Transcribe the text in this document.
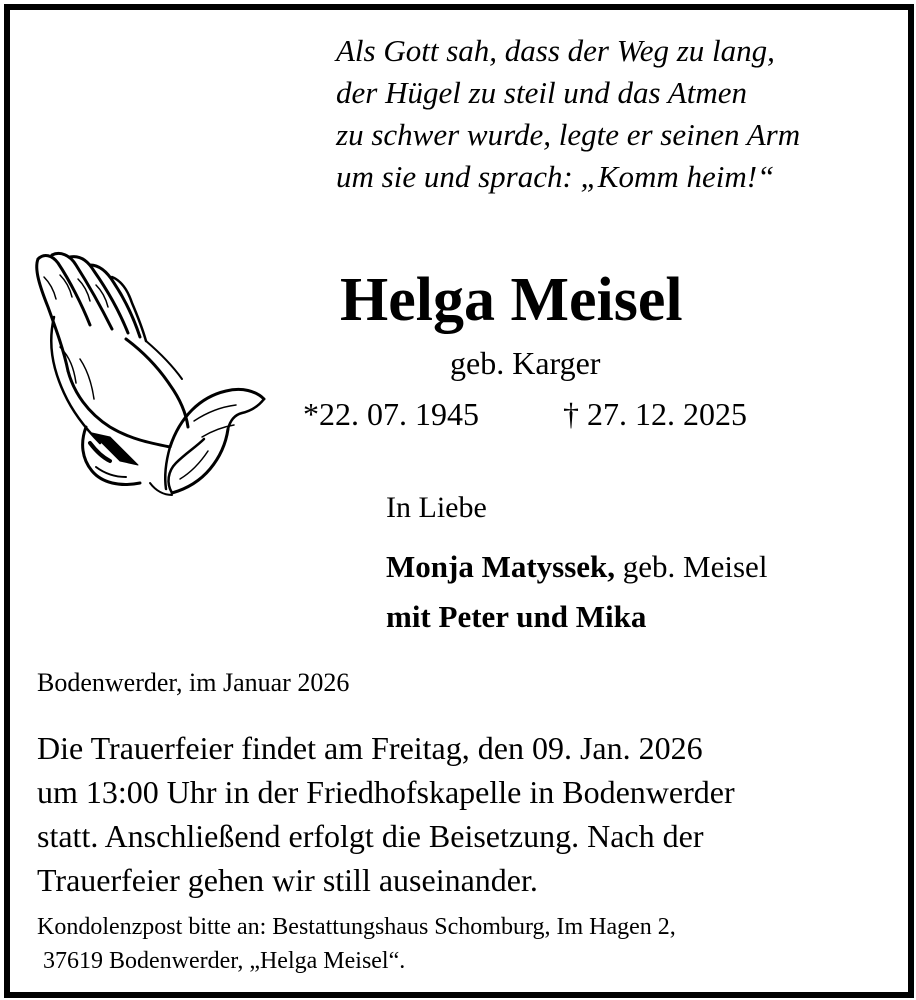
Als Gott sah, dass der Weg zu lang,
der Hügel zu steil und das Atmen
zu schwer wurde, legte er seinen Arm
um sie und sprach: „Komm heim!“
Helga Meisel
geb. Karger
*22. 07. 1945	† 27. 12. 2025
In Liebe
Monja Matyssek, geb. Meisel
mit Peter und Mika
Bodenwerder, im Januar 2026
Die Trauerfeier findet am Freitag, den 09. Jan. 2026
um 13:00 Uhr in der Friedhofskapelle in Bodenwerder
statt. Anschließend erfolgt die Beisetzung. Nach der
Trauerfeier gehen wir still auseinander.
Kondolenzpost bitte an: Bestattungshaus Schomburg, Im Hagen 2,
37619 Bodenwerder, „Helga Meisel“.
